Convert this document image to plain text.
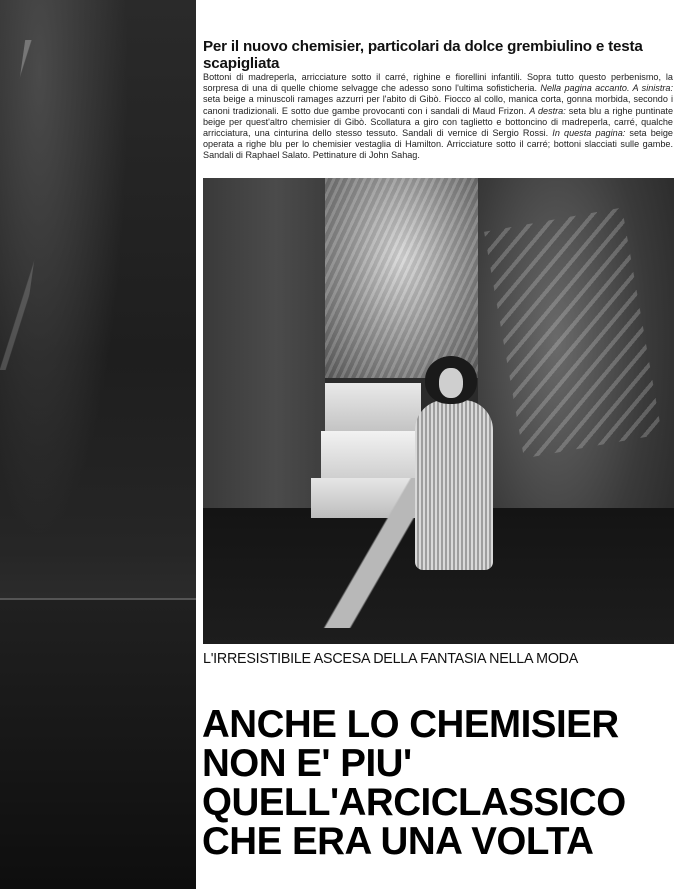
Per il nuovo chemisier, particolari da dolce grembiulino e testa scapigliata

Bottoni di madreperla, arricciature sotto il carré, righine e fiorellini infantili. Sopra tutto questo perbenismo, la sorpresa di una di quelle chiome selvagge che adesso sono l'ultima sofisticheria. Nella pagina accanto. A sinistra: seta beige a minuscoli ramages azzurri per l'abito di Gibò. Fiocco al collo, manica corta, gonna morbida, secondo i canoni tradizionali. E sotto due gambe provocanti con i sandali di Maud Frizon. A destra: seta blu a righe puntinate beige per quest'altro chemisier di Gibò. Scollatura a giro con taglietto e bottoncino di madreperla, carré, qualche arricciatura, una cinturina dello stesso tessuto. Sandali di vernice di Sergio Rossi. In questa pagina: seta beige operata a righe blu per lo chemisier vestaglia di Hamilton. Arricciature sotto il carré; bottoni slacciati sulle gambe. Sandali di Raphael Salato. Pettinature di John Sahag.

L'IRRESISTIBILE ASCESA DELLA FANTASIA NELLA MODA

ANCHE LO CHEMISIER
NON E' PIU'
QUELL'ARCICLASSICO
CHE ERA UNA VOLTA
